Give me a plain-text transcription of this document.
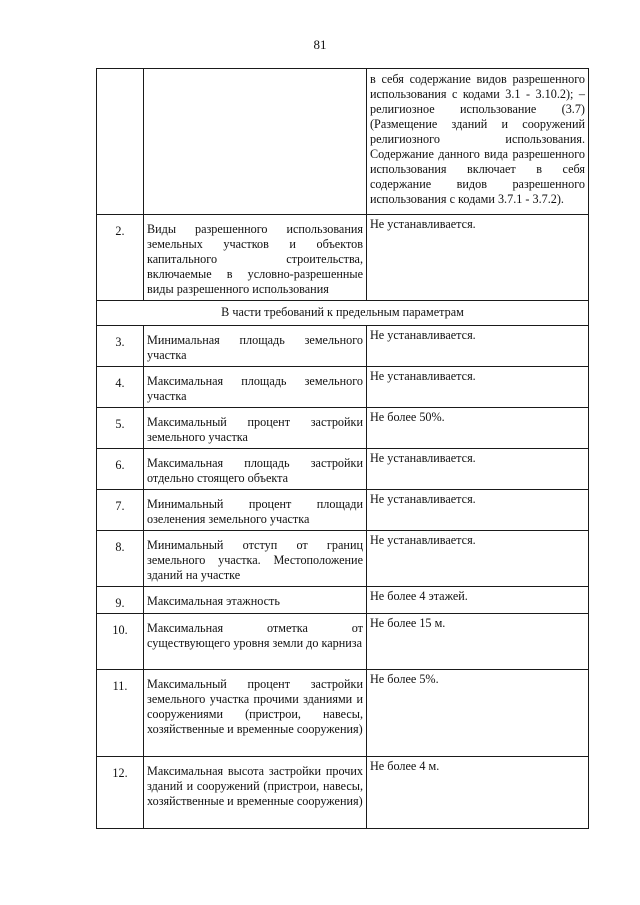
81

		в себя содержание видов разрешенного использования с кодами 3.1 - 3.10.2); – религиозное использование (3.7) (Размещение зданий и сооружений религиозного использования. Содержание данного вида разрешенного использования включает в себя содержание видов разрешенного использования с кодами 3.7.1 - 3.7.2).

2.	Виды разрешенного использования земельных участков и объектов капитального строительства, включаемые в условно-разрешенные виды разрешенного использования	Не устанавливается.

В части требований к предельным параметрам		

3.	Минимальная площадь земельного участка	Не устанавливается.

4.	Максимальная площадь земельного участка	Не устанавливается.

5.	Максимальный процент застройки земельного участка	Не более 50%.

6.	Максимальная площадь застройки отдельно стоящего объекта	Не устанавливается.

7.	Минимальный процент площади озеленения земельного участка	Не устанавливается.

8.	Минимальный отступ от границ земельного участка. Местоположение зданий на участке	Не устанавливается.

9.	Максимальная этажность	Не более 4 этажей.

10.	Максимальная отметка от существующего уровня земли до карниза	Не более 15 м.

11.	Максимальный процент застройки земельного участка прочими зданиями и сооружениями (пристрои, навесы, хозяйственные и временные сооружения)	Не более 5%.

12.	Максимальная высота застройки прочих зданий и сооружений (пристрои, навесы, хозяйственные и временные сооружения)	Не более 4 м.
